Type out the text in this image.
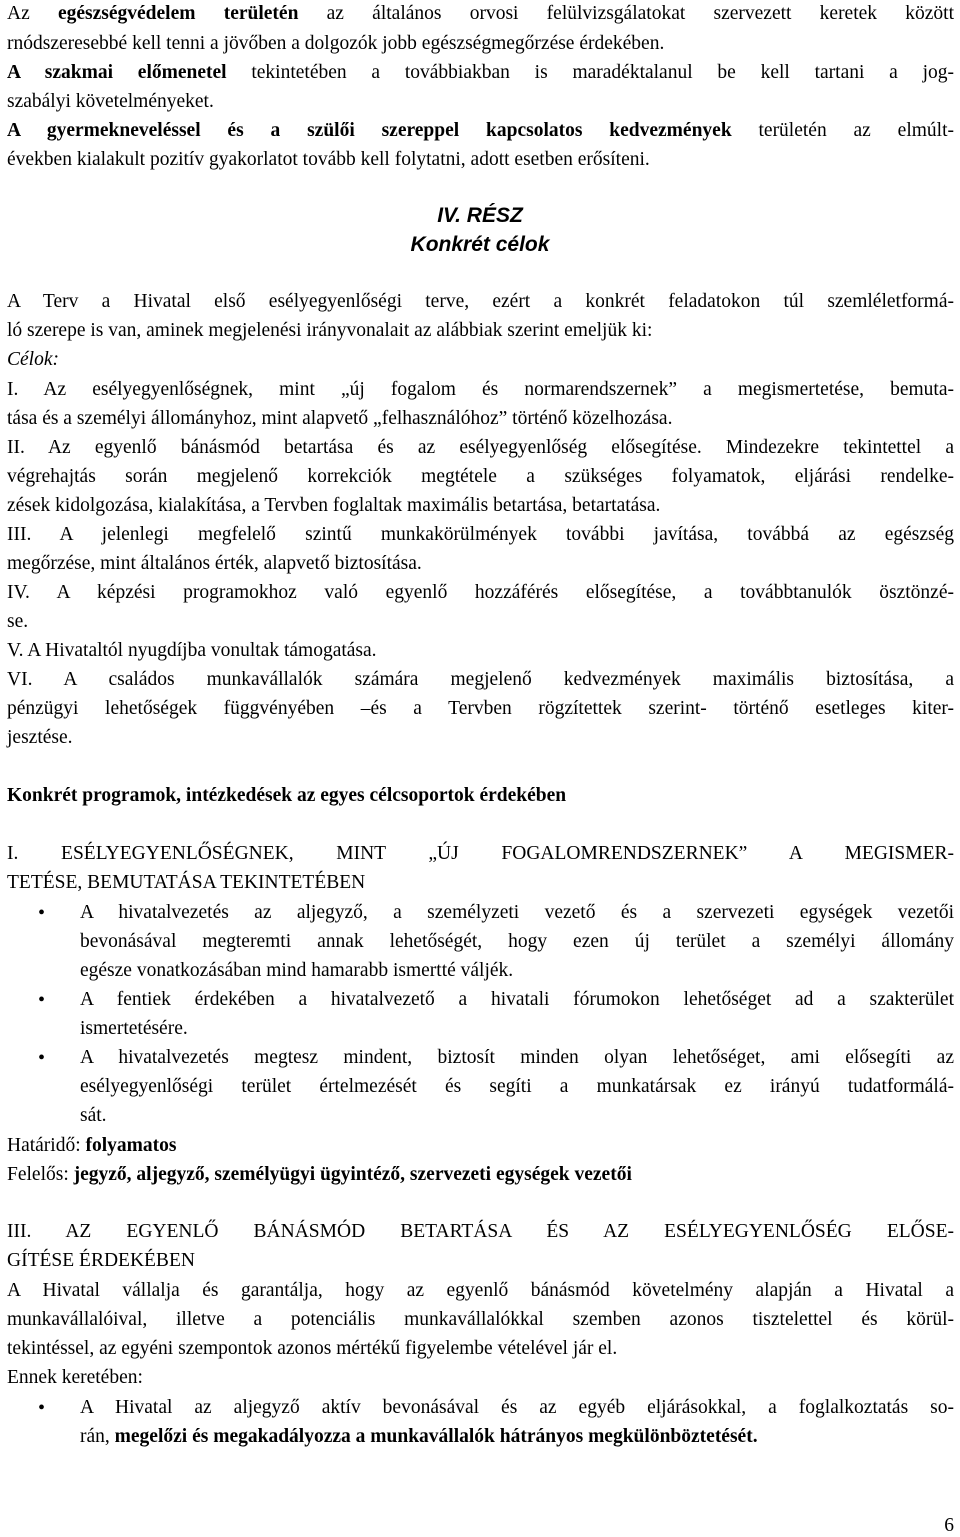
Az egészségvédelem területén az általános orvosi felülvizsgálatokat szervezett keretek között
rnódszeresebbé kell tenni a jövőben a dolgozók jobb egészségmegőrzése érdekében.
A szakmai előmenetel tekintetében a továbbiakban is maradéktalanul be kell tartani a jog-
szabályi követelményeket.
A gyermekneveléssel és a szülői szereppel kapcsolatos kedvezmények területén az elmúlt-
években kialakult pozitív gyakorlatot tovább kell folytatni, adott esetben erősíteni.
IV. RÉSZ
Konkrét célok
A Terv a Hivatal első esélyegyenlőségi terve, ezért a konkrét feladatokon túl szemléletformá-
ló szerepe is van, aminek megjelenési irányvonalait az alábbiak szerint emeljük ki:
Célok:
I. Az esélyegyenlőségnek, mint „új fogalom és normarendszernek” a megismertetése, bemuta-
tása és a személyi állományhoz, mint alapvető „felhasználóhoz” történő közelhozása.
II. Az egyenlő bánásmód betartása és az esélyegyenlőség elősegítése. Mindezekre tekintettel a
végrehajtás során megjelenő korrekciók megtétele a szükséges folyamatok, eljárási rendelke-
zések kidolgozása, kialakítása, a Tervben foglaltak maximális betartása, betartatása.
III. A jelenlegi megfelelő szintű munkakörülmények további javítása, továbbá az egészség
megőrzése, mint általános érték, alapvető biztosítása.
IV. A képzési programokhoz való egyenlő hozzáférés elősegítése, a továbbtanulók ösztönzé-
se.
V. A Hivataltól nyugdíjba vonultak támogatása.
VI. A családos munkavállalók számára megjelenő kedvezmények maximális biztosítása, a
pénzügyi lehetőségek függvényében –és a Tervben rögzítettek szerint- történő esetleges kiter-
jesztése.
Konkrét programok, intézkedések az egyes célcsoportok érdekében
I. ESÉLYEGYENLŐSÉGNEK, MINT „ÚJ FOGALOMRENDSZERNEK” A MEGISMER-
TETÉSE, BEMUTATÁSA TEKINTETÉBEN
• A hivatalvezetés az aljegyző, a személyzeti vezető és a szervezeti egységek vezetői
bevonásával megteremti annak lehetőségét, hogy ezen új terület a személyi állomány
egésze vonatkozásában mind hamarabb ismertté váljék.
• A fentiek érdekében a hivatalvezető a hivatali fórumokon lehetőséget ad a szakterület
ismertetésére.
• A hivatalvezetés megtesz mindent, biztosít minden olyan lehetőséget, ami elősegíti az
esélyegyenlőségi terület értelmezését és segíti a munkatársak ez irányú tudatformálá-
sát.
Határidő: folyamatos
Felelős: jegyző, aljegyző, személyügyi ügyintéző, szervezeti egységek vezetői
III. AZ EGYENLŐ BÁNÁSMÓD BETARTÁSA ÉS AZ ESÉLYEGYENLŐSÉG ELŐSE-
GÍTÉSE ÉRDEKÉBEN
A Hivatal vállalja és garantálja, hogy az egyenlő bánásmód követelmény alapján a Hivatal a
munkavállalóival, illetve a potenciális munkavállalókkal szemben azonos tisztelettel és körül-
tekintéssel, az egyéni szempontok azonos mértékű figyelembe vételével jár el.
Ennek keretében:
• A Hivatal az aljegyző aktív bevonásával és az egyéb eljárásokkal, a foglalkoztatás so-
rán, megelőzi és megakadályozza a munkavállalók hátrányos megkülönböztetését.
6
